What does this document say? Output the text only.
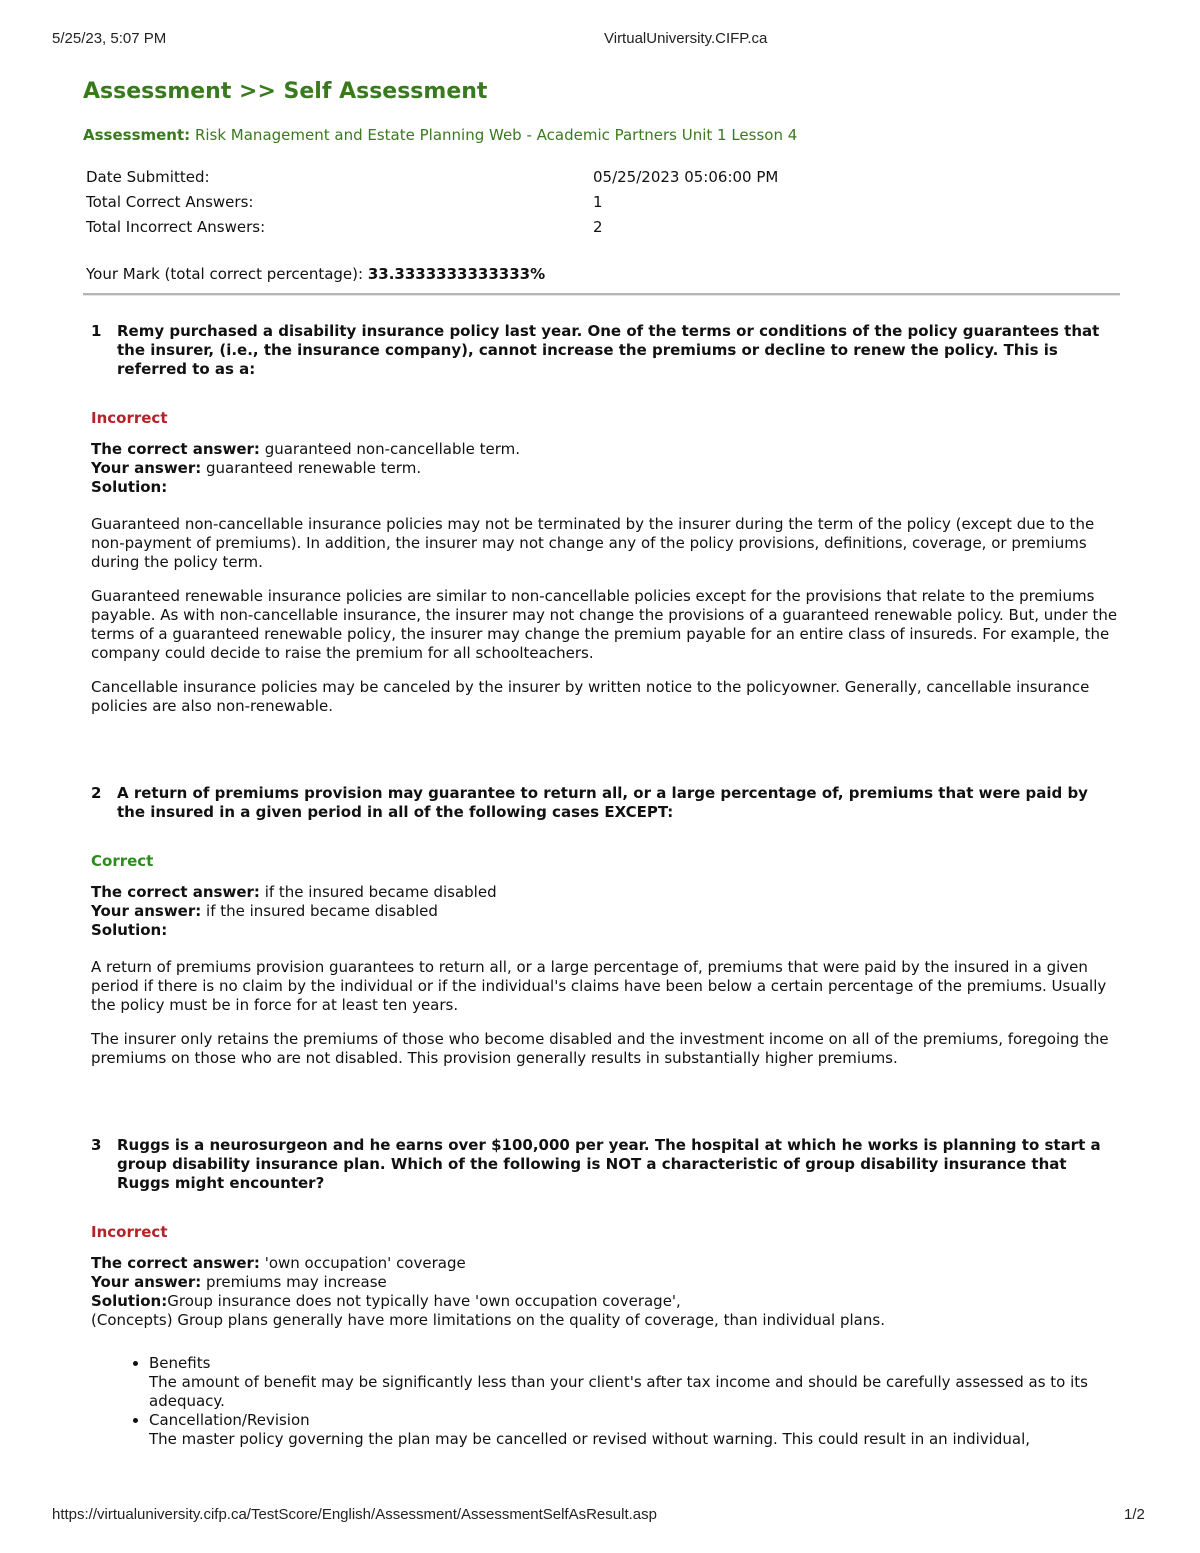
5/25/23, 5:07 PM	VirtualUniversity.CIFP.ca
Assessment >> Self Assessment
Assessment: Risk Management and Estate Planning Web - Academic Partners Unit 1 Lesson 4
Date Submitted:	05/25/2023 05:06:00 PM
Total Correct Answers:	1
Total Incorrect Answers:	2
Your Mark (total correct percentage): 33.3333333333333%
1 Remy purchased a disability insurance policy last year. One of the terms or conditions of the policy guarantees that the insurer, (i.e., the insurance company), cannot increase the premiums or decline to renew the policy. This is referred to as a:
Incorrect
The correct answer: guaranteed non-cancellable term.
Your answer: guaranteed renewable term.
Solution:
Guaranteed non-cancellable insurance policies may not be terminated by the insurer during the term of the policy (except due to the non-payment of premiums). In addition, the insurer may not change any of the policy provisions, definitions, coverage, or premiums during the policy term.
Guaranteed renewable insurance policies are similar to non-cancellable policies except for the provisions that relate to the premiums payable. As with non-cancellable insurance, the insurer may not change the provisions of a guaranteed renewable policy. But, under the terms of a guaranteed renewable policy, the insurer may change the premium payable for an entire class of insureds. For example, the company could decide to raise the premium for all schoolteachers.
Cancellable insurance policies may be canceled by the insurer by written notice to the policyowner. Generally, cancellable insurance policies are also non-renewable.
2 A return of premiums provision may guarantee to return all, or a large percentage of, premiums that were paid by the insured in a given period in all of the following cases EXCEPT:
Correct
The correct answer: if the insured became disabled
Your answer: if the insured became disabled
Solution:
A return of premiums provision guarantees to return all, or a large percentage of, premiums that were paid by the insured in a given period if there is no claim by the individual or if the individual's claims have been below a certain percentage of the premiums. Usually the policy must be in force for at least ten years.
The insurer only retains the premiums of those who become disabled and the investment income on all of the premiums, foregoing the premiums on those who are not disabled. This provision generally results in substantially higher premiums.
3 Ruggs is a neurosurgeon and he earns over $100,000 per year. The hospital at which he works is planning to start a group disability insurance plan. Which of the following is NOT a characteristic of group disability insurance that Ruggs might encounter?
Incorrect
The correct answer: 'own occupation' coverage
Your answer: premiums may increase
Solution:Group insurance does not typically have 'own occupation coverage',
(Concepts) Group plans generally have more limitations on the quality of coverage, than individual plans.
• Benefits
The amount of benefit may be significantly less than your client's after tax income and should be carefully assessed as to its adequacy.
• Cancellation/Revision
The master policy governing the plan may be cancelled or revised without warning. This could result in an individual,
https://virtualuniversity.cifp.ca/TestScore/English/Assessment/AssessmentSelfAsResult.asp	1/2
